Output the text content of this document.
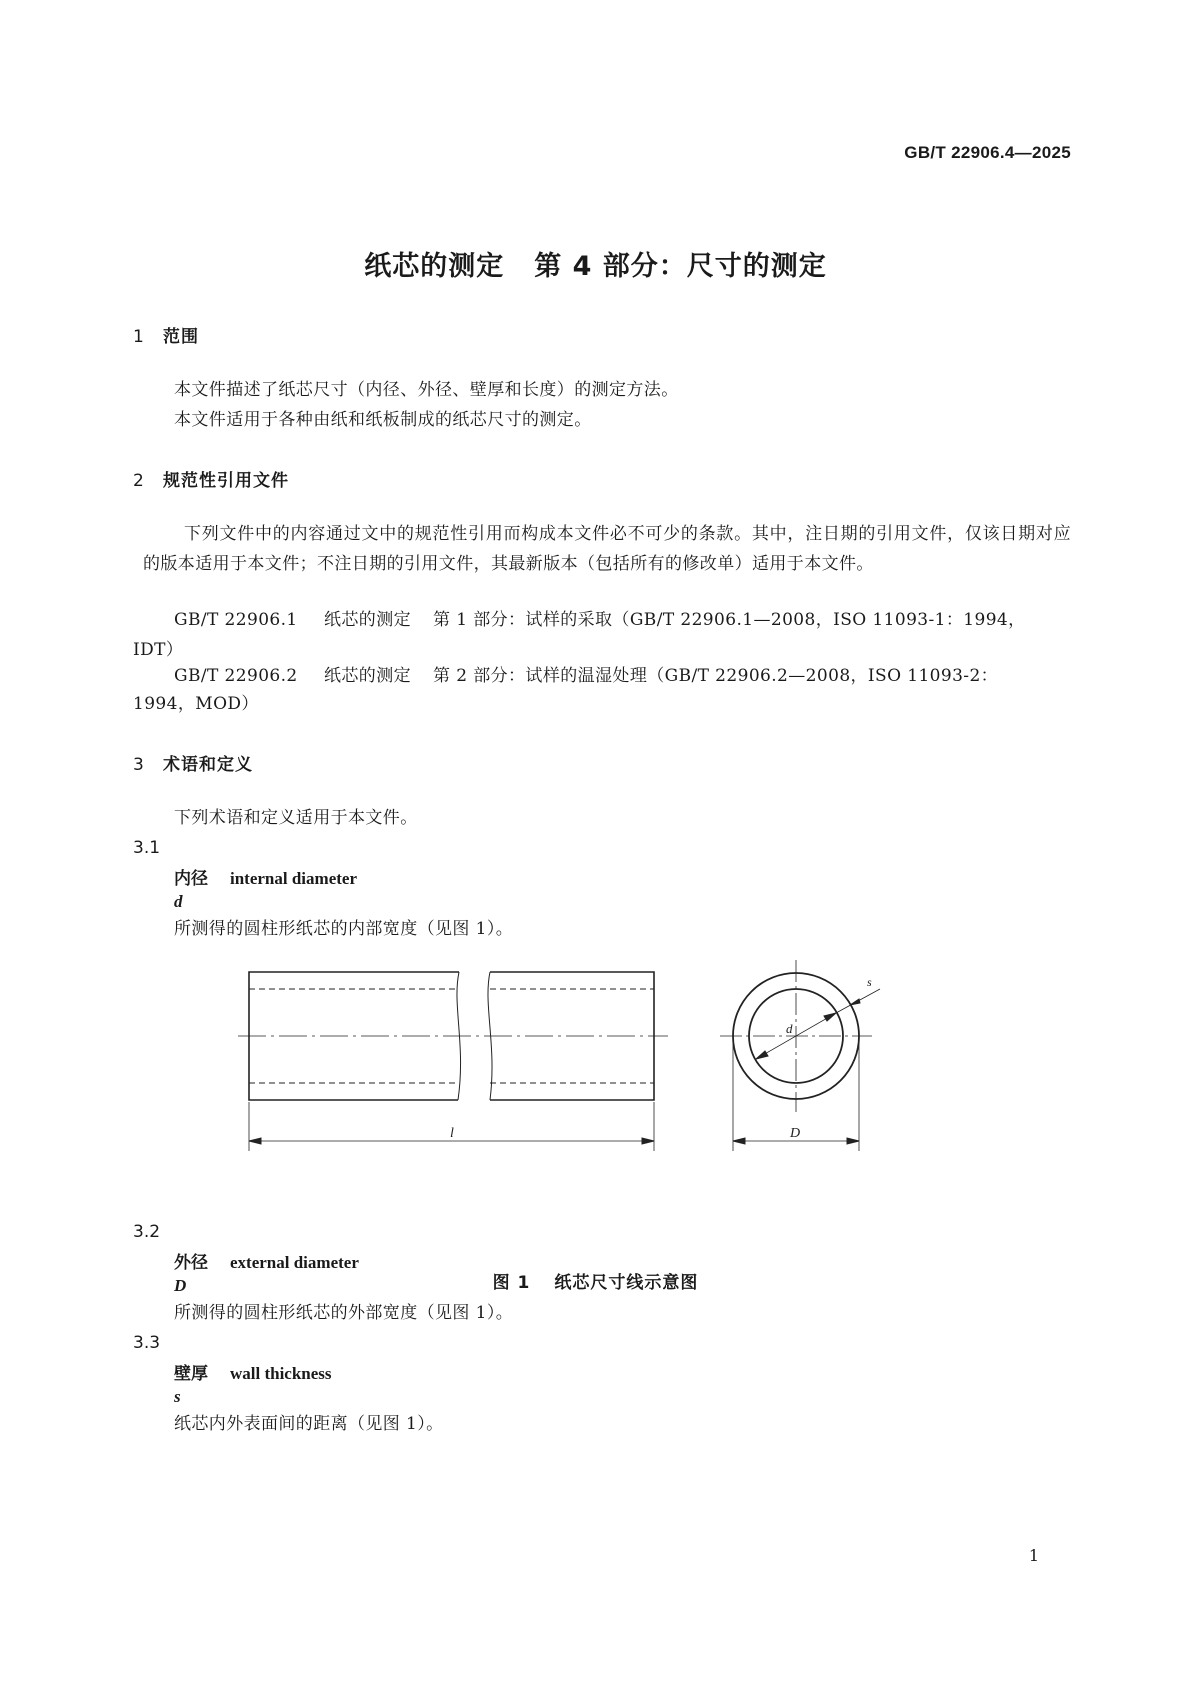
GB/T 22906.4—2025
纸芯的测定 第 4 部分：尺寸的测定
1 范围
本文件描述了纸芯尺寸（内径、外径、壁厚和长度）的测定方法。
本文件适用于各种由纸和纸板制成的纸芯尺寸的测定。
2 规范性引用文件
下列文件中的内容通过文中的规范性引用而构成本文件必不可少的条款。其中，注日期的引用文件，仅该日期对应的版本适用于本文件；不注日期的引用文件，其最新版本（包括所有的修改单）适用于本文件。
GB/T 22906.1 纸芯的测定 第 1 部分：试样的采取（GB/T 22906.1—2008，ISO 11093-1：1994，
IDT）
GB/T 22906.2 纸芯的测定 第 2 部分：试样的温湿处理（GB/T 22906.2—2008，ISO 11093-2：
1994，MOD）
3 术语和定义
下列术语和定义适用于本文件。
3.1
内径 internal diameter
d
所测得的圆柱形纸芯的内部宽度（见图 1）。
l	D
d
s
图 1 纸芯尺寸线示意图
3.2
外径 external diameter
D
所测得的圆柱形纸芯的外部宽度（见图 1）。
3.3
壁厚 wall thickness
s
纸芯内外表面间的距离（见图 1）。
1
